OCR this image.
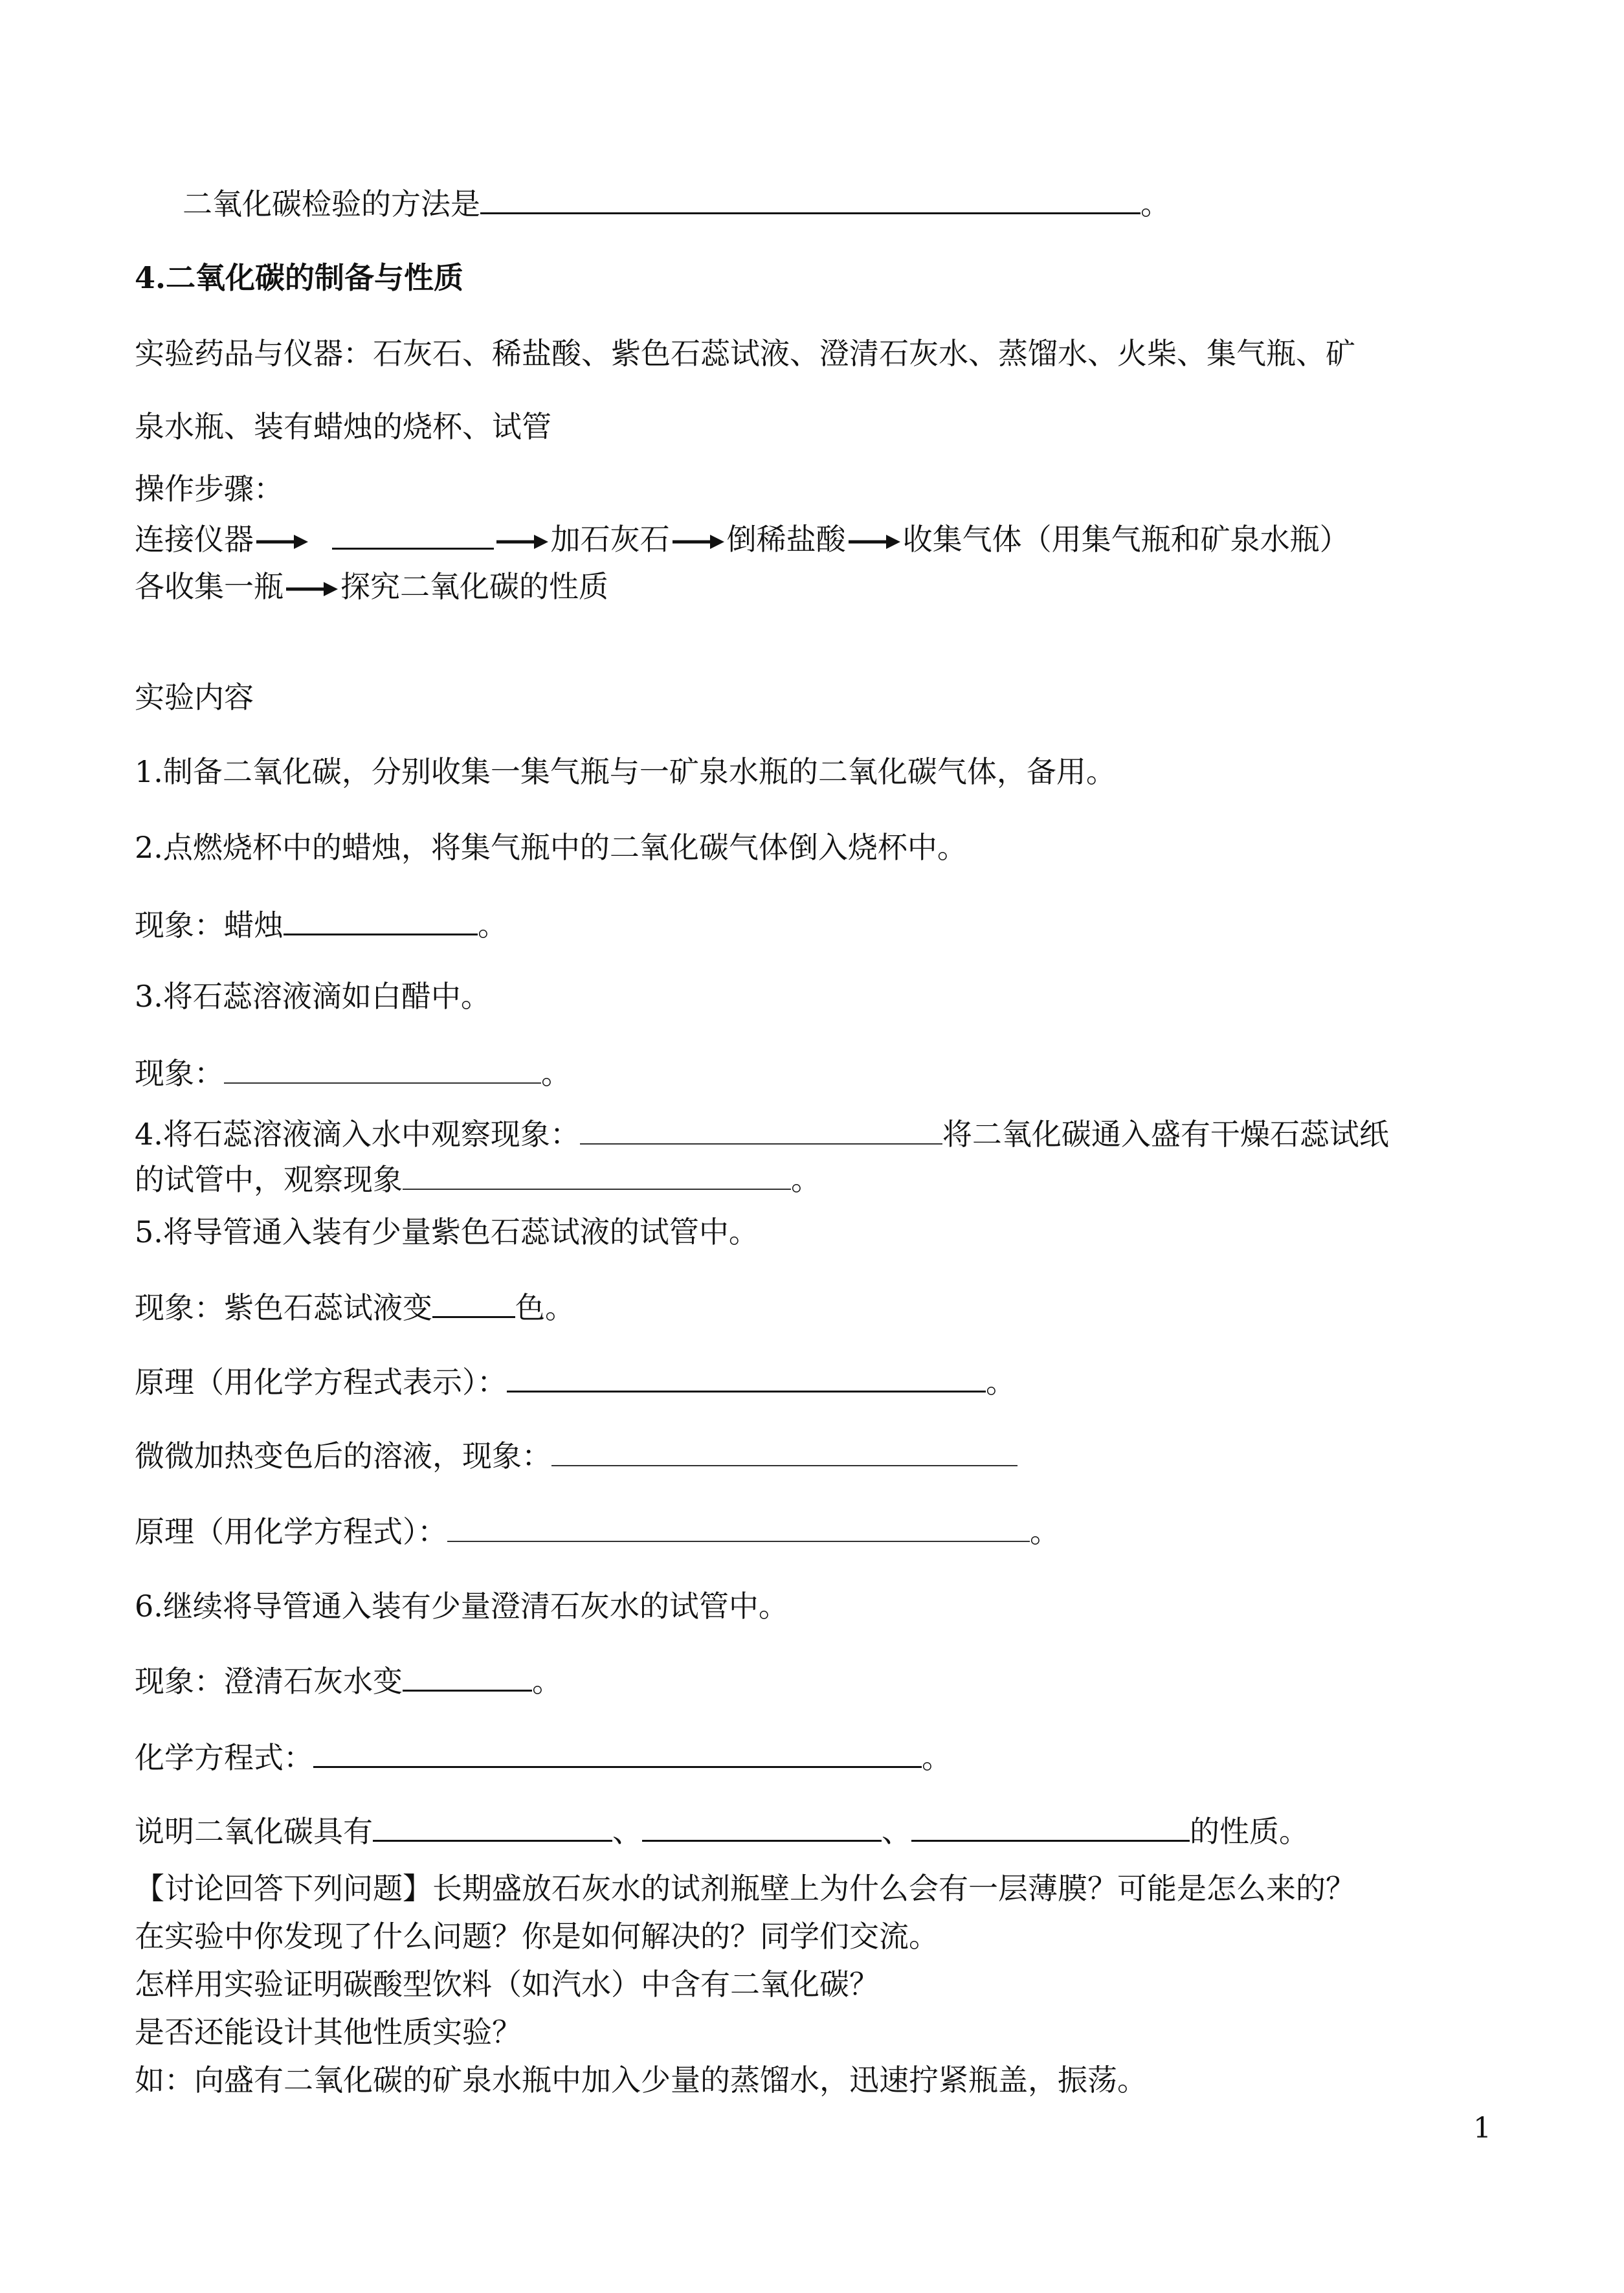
二氧化碳检验的方法是	。
4.二氧化碳的制备与性质
实验药品与仪器：石灰石、稀盐酸、紫色石蕊试液、澄清石灰水、蒸馏水、火柴、集气瓶、矿
泉水瓶、装有蜡烛的烧杯、试管
操作步骤：
连接仪器	加石灰石 倒稀盐酸 收集气体（用集气瓶和矿泉水瓶）
各收集一瓶 探究二氧化碳的性质
实验内容
1.制备二氧化碳，分别收集一集气瓶与一矿泉水瓶的二氧化碳气体，备用。
2.点燃烧杯中的蜡烛，将集气瓶中的二氧化碳气体倒入烧杯中。
现象：蜡烛	。
3.将石蕊溶液滴如白醋中。
现象：	。
4.将石蕊溶液滴入水中观察现象：	将二氧化碳通入盛有干燥石蕊试纸
的试管中，观察现象	。
5.将导管通入装有少量紫色石蕊试液的试管中。
现象：紫色石蕊试液变	色。
原理（用化学方程式表示）：	。
微微加热变色后的溶液，现象：
原理（用化学方程式）：	。
6.继续将导管通入装有少量澄清石灰水的试管中。
现象：澄清石灰水变	。
化学方程式：	。
说明二氧化碳具有	、	、	的性质。
【讨论回答下列问题】长期盛放石灰水的试剂瓶壁上为什么会有一层薄膜？可能是怎么来的？
在实验中你发现了什么问题？你是如何解决的？同学们交流。
怎样用实验证明碳酸型饮料（如汽水）中含有二氧化碳？
是否还能设计其他性质实验？
如：向盛有二氧化碳的矿泉水瓶中加入少量的蒸馏水，迅速拧紧瓶盖，振荡。
1
